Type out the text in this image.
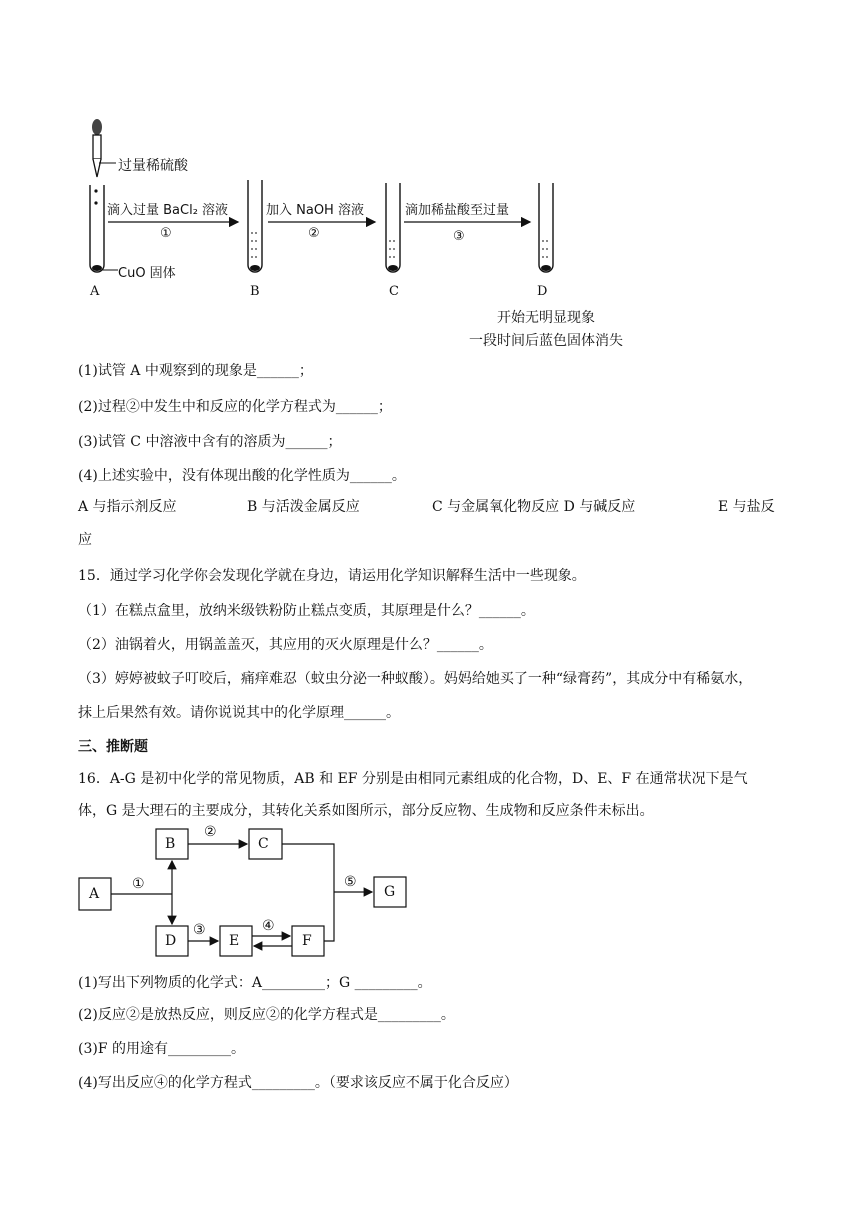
过量稀硫酸
CuO 固体
滴入过量 BaCl₂ 溶液
①
加入 NaOH 溶液
②
滴加稀盐酸至过量
③
A	B	C	D
开始无明显现象
一段时间后蓝色固体消失
(1)试管 A 中观察到的现象是______；
(2)过程②中发生中和反应的化学方程式为______；
(3)试管 C 中溶液中含有的溶质为______；
(4)上述实验中，没有体现出酸的化学性质为______。
A 与指示剂反应	B 与活泼金属反应	C 与金属氧化物反应 D 与碱反应	E 与盐反
应
15．通过学习化学你会发现化学就在身边，请运用化学知识解释生活中一些现象。
（1）在糕点盒里，放纳米级铁粉防止糕点变质，其原理是什么？______。
（2）油锅着火，用锅盖盖灭，其应用的灭火原理是什么？______。
（3）婷婷被蚊子叮咬后，痛痒难忍（蚊虫分泌一种蚁酸）。妈妈给她买了一种“绿膏药”，其成分中有稀氨水，
抹上后果然有效。请你说说其中的化学原理______。
三、推断题
16．A-G 是初中化学的常见物质，AB 和 EF 分别是由相同元素组成的化合物，D、E、F 在通常状况下是气
体，G 是大理石的主要成分，其转化关系如图所示，部分反应物、生成物和反应条件未标出。
A
B	C
D	E	F
G
①
②
③	④
⑤
(1)写出下列物质的化学式：A_________；G _________。
(2)反应②是放热反应，则反应②的化学方程式是_________。
(3)F 的用途有_________。
(4)写出反应④的化学方程式_________。（要求该反应不属于化合反应）
